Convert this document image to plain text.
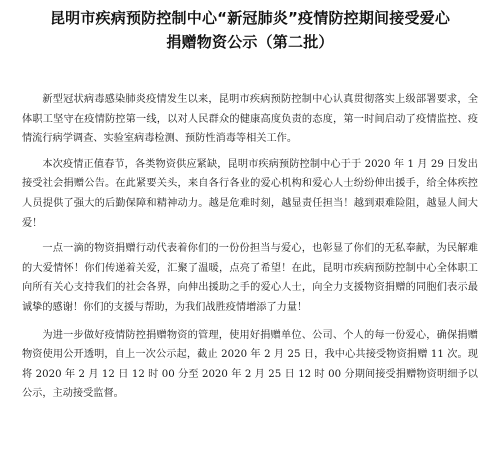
昆明市疾病预防控制中心“新冠肺炎”疫情防控期间接受爱心
捐赠物资公示（第二批）

新型冠状病毒感染肺炎疫情发生以来，昆明市疾病预防控制中心认真贯彻落实上级部署要求，全体职工坚守在疫情防控第一线，以对人民群众的健康高度负责的态度，第一时间启动了疫情监控、疫情流行病学调查、实验室病毒检测、预防性消毒等相关工作。

本次疫情正值春节，各类物资供应紧缺，昆明市疾病预防控制中心于于 2020 年 1 月 29 日发出接受社会捐赠公告。在此紧要关头，来自各行各业的爱心机构和爱心人士纷纷伸出援手，给全体疾控人员提供了强大的后勤保障和精神动力。越是危难时刻，越显责任担当！越到艰难险阻，越显人间大爱！

一点一滴的物资捐赠行动代表着你们的一份份担当与爱心，也彰显了你们的无私奉献，为民解难的大爱情怀！你们传递着关爱，汇聚了温暖，点亮了希望！在此，昆明市疾病预防控制中心全体职工向所有关心支持我们的社会各界，向伸出援助之手的爱心人士，向全力支援物资捐赠的同胞们表示最诚挚的感谢！你们的支援与帮助，为我们战胜疫情增添了力量！

为进一步做好疫情防控捐赠物资的管理，使用好捐赠单位、公司、个人的每一份爱心，确保捐赠物资使用公开透明，自上一次公示起，截止 2020 年 2 月 25 日，我中心共接受物资捐赠 11 次。现将 2020 年 2 月 12 日 12 时 00 分至 2020 年 2 月 25 日 12 时 00 分期间接受捐赠物资明细予以公示，主动接受监督。
